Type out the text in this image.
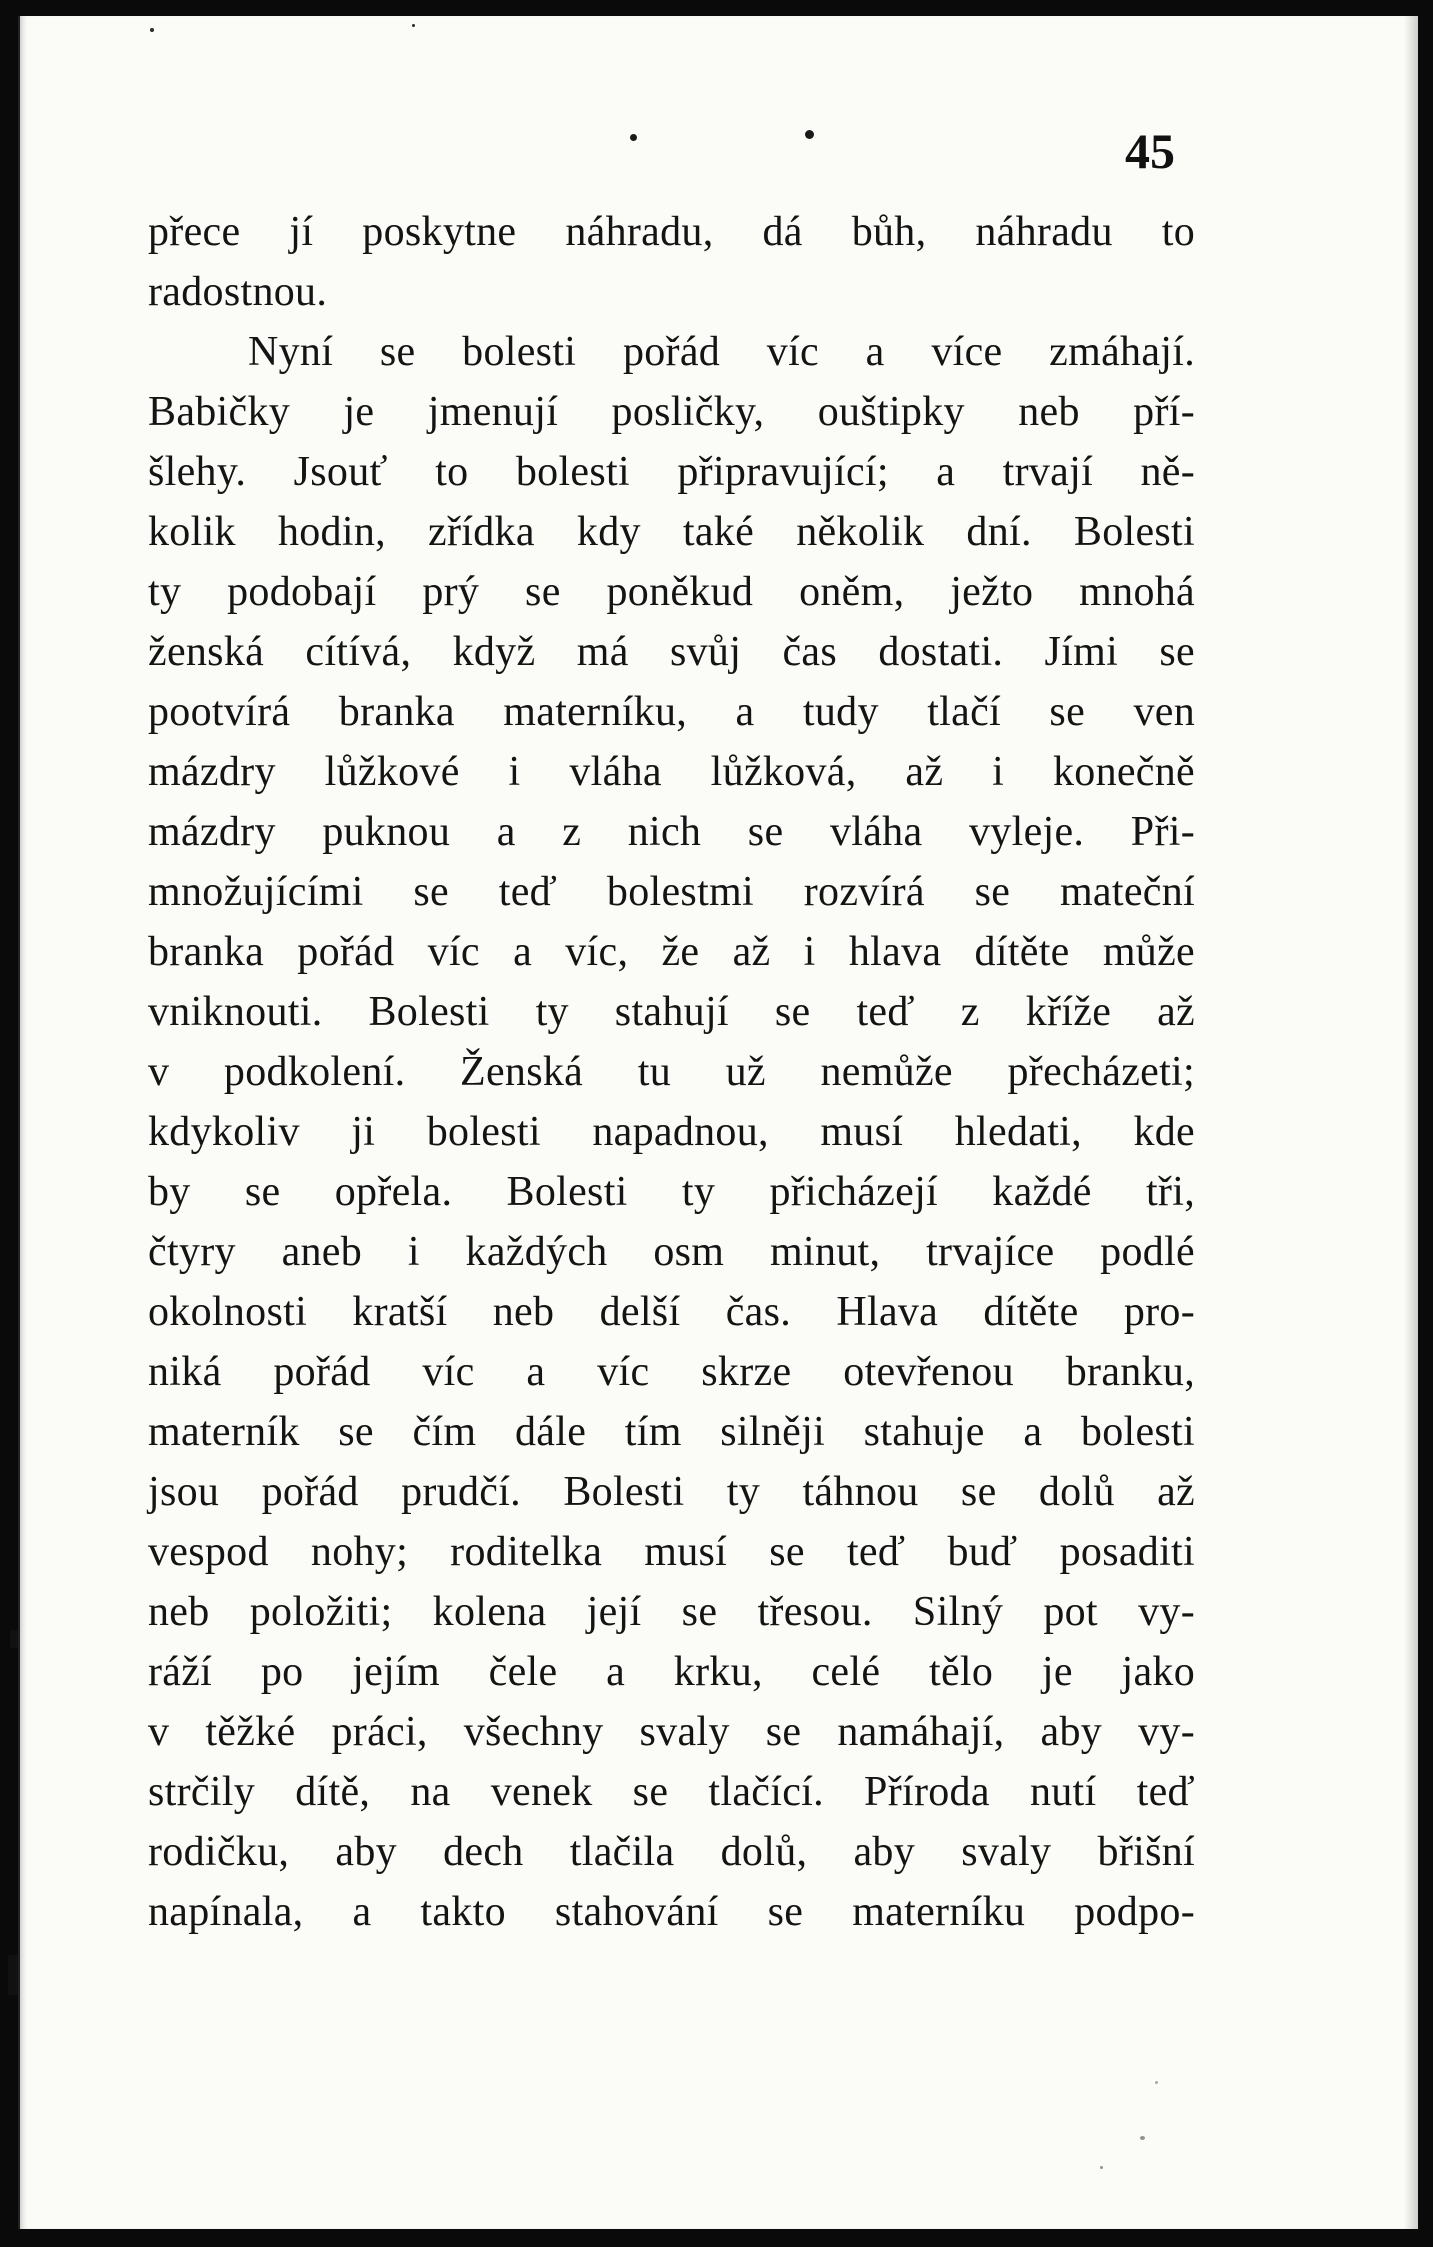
45
přece jí poskytne náhradu, dá bůh, náhradu to
radostnou.
Nyní se bolesti pořád víc a více zmáhají.
Babičky je jmenují posličky, ouštipky neb pří-
šlehy. Jsouť to bolesti připravující; a trvají ně-
kolik hodin, zřídka kdy také několik dní. Bolesti
ty podobají prý se poněkud oněm, ježto mnohá
ženská cítívá, když má svůj čas dostati. Jími se
pootvírá branka materníku, a tudy tlačí se ven
mázdry lůžkové i vláha lůžková, až i konečně
mázdry puknou a z nich se vláha vyleje. Při-
množujícími se teď bolestmi rozvírá se mateční
branka pořád víc a víc, že až i hlava dítěte může
vniknouti. Bolesti ty stahují se teď z kříže až
v podkolení. Ženská tu už nemůže přecházeti;
kdykoliv ji bolesti napadnou, musí hledati, kde
by se opřela. Bolesti ty přicházejí každé tři,
čtyry aneb i každých osm minut, trvajíce podlé
okolnosti kratší neb delší čas. Hlava dítěte pro-
niká pořád víc a víc skrze otevřenou branku,
materník se čím dále tím silněji stahuje a bolesti
jsou pořád prudčí. Bolesti ty táhnou se dolů až
vespod nohy; roditelka musí se teď buď posaditi
neb položiti; kolena její se třesou. Silný pot vy-
ráží po jejím čele a krku, celé tělo je jako
v těžké práci, všechny svaly se namáhají, aby vy-
strčily dítě, na venek se tlačící. Příroda nutí teď
rodičku, aby dech tlačila dolů, aby svaly břišní
napínala, a takto stahování se materníku podpo-
